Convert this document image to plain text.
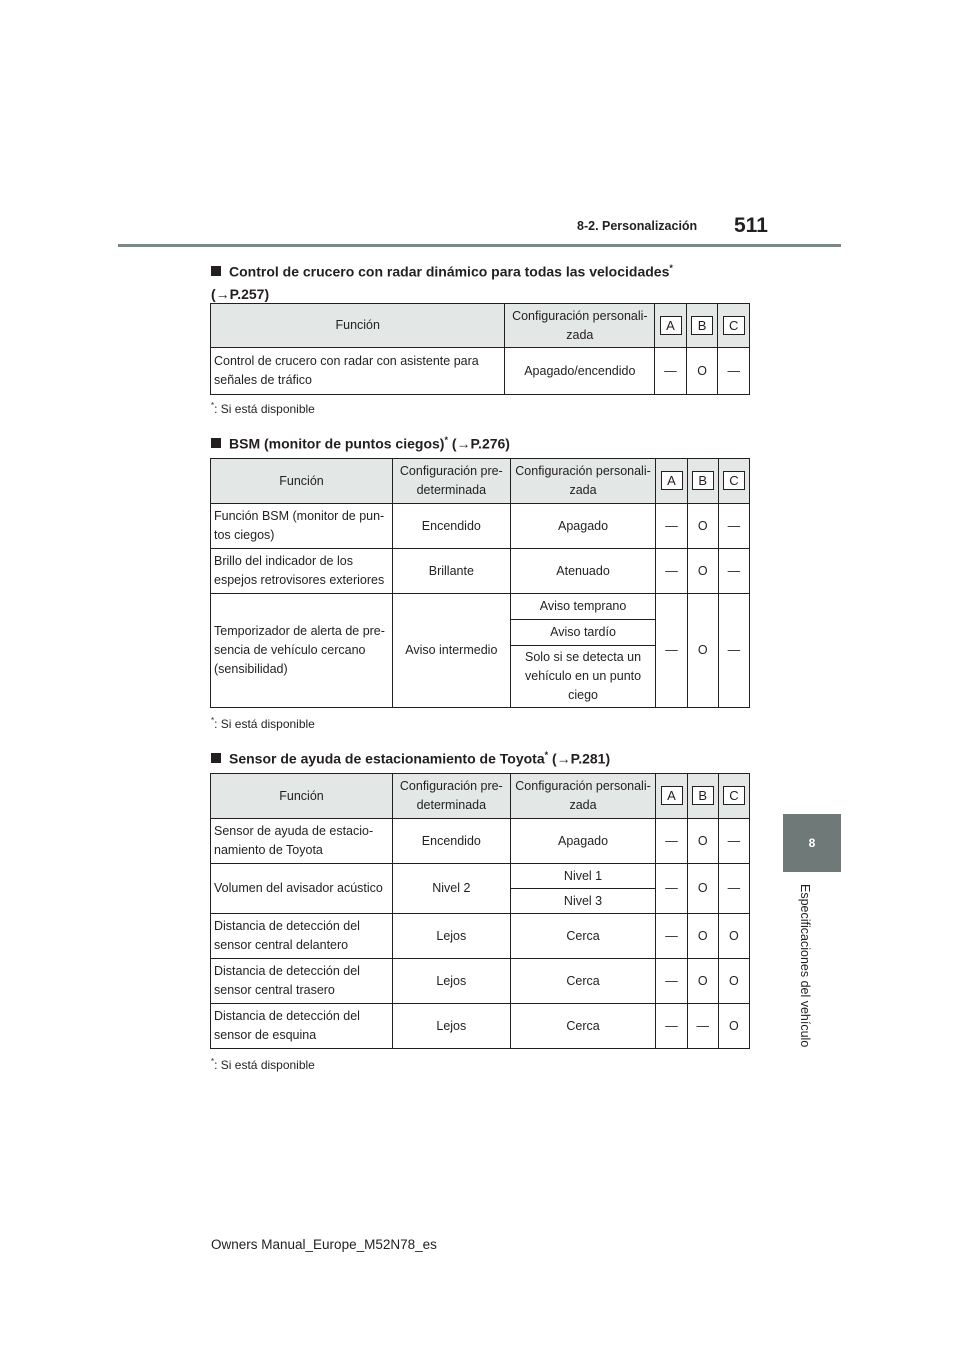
8-2. Personalización 511
8
Especificaciones del vehículo
Control de crucero con radar dinámico para todas las velocidades*
(→P.257)
Función	Configuración personali-zada	A	B	C
Control de crucero con radar con asistente para señales de tráfico	Apagado/encendido	—	O	—
*: Si está disponible
BSM (monitor de puntos ciegos)* (→P.276)
Función	Configuración pre-determinada	Configuración personali-zada	A	B	C
Función BSM (monitor de pun-tos ciegos)	Encendido	Apagado	—	O	—
Brillo del indicador de los espejos retrovisores exteriores	Brillante	Atenuado	—	O	—
Temporizador de alerta de pre-sencia de vehículo cercano (sensibilidad)	Aviso intermedio	Aviso temprano	—	O	—
		Aviso tardío			
		Solo si se detecta un vehículo en un punto ciego			
*: Si está disponible
Sensor de ayuda de estacionamiento de Toyota* (→P.281)
Función	Configuración pre-determinada	Configuración personali-zada	A	B	C
Sensor de ayuda de estacio-namiento de Toyota	Encendido	Apagado	—	O	—
Volumen del avisador acústico	Nivel 2	Nivel 1	—	O	—
		Nivel 3			
Distancia de detección del sensor central delantero	Lejos	Cerca	—	O	O
Distancia de detección del sensor central trasero	Lejos	Cerca	—	O	O
Distancia de detección del sensor de esquina	Lejos	Cerca	—	—	O
*: Si está disponible
Owners Manual_Europe_M52N78_es
